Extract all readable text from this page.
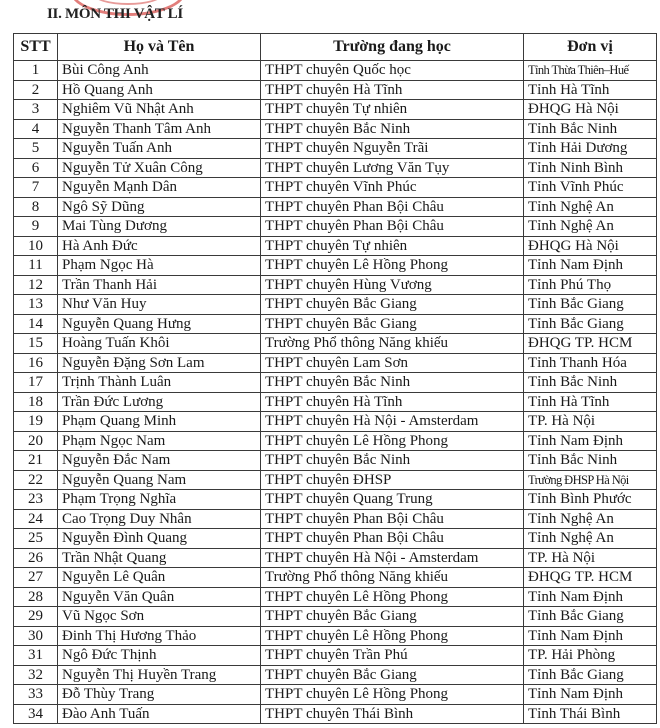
II. MÔN THI VẬT LÍ
STT	Họ và Tên	Trường đang học	Đơn vị
1	Bùi Công Anh	THPT chuyên Quốc học	Tỉnh Thừa Thiên–Huế
2	Hồ Quang Anh	THPT chuyên Hà Tĩnh	Tỉnh Hà Tĩnh
3	Nghiêm Vũ Nhật Anh	THPT chuyên Tự nhiên	ĐHQG Hà Nội
4	Nguyễn Thanh Tâm Anh	THPT chuyên Bắc Ninh	Tỉnh Bắc Ninh
5	Nguyễn Tuấn Anh	THPT chuyên Nguyễn Trãi	Tỉnh Hải Dương
6	Nguyễn Tử Xuân Công	THPT chuyên Lương Văn Tụy	Tỉnh Ninh Bình
7	Nguyễn Mạnh Dân	THPT chuyên Vĩnh Phúc	Tỉnh Vĩnh Phúc
8	Ngô Sỹ Dũng	THPT chuyên Phan Bội Châu	Tỉnh Nghệ An
9	Mai Tùng Dương	THPT chuyên Phan Bội Châu	Tỉnh Nghệ An
10	Hà Anh Đức	THPT chuyên Tự nhiên	ĐHQG Hà Nội
11	Phạm Ngọc Hà	THPT chuyên Lê Hồng Phong	Tỉnh Nam Định
12	Trần Thanh Hải	THPT chuyên Hùng Vương	Tỉnh Phú Thọ
13	Như Văn Huy	THPT chuyên Bắc Giang	Tỉnh Bắc Giang
14	Nguyễn Quang Hưng	THPT chuyên Bắc Giang	Tỉnh Bắc Giang
15	Hoàng Tuấn Khôi	Trường Phổ thông Năng khiếu	ĐHQG TP. HCM
16	Nguyễn Đặng Sơn Lam	THPT chuyên Lam Sơn	Tỉnh Thanh Hóa
17	Trịnh Thành Luân	THPT chuyên Bắc Ninh	Tỉnh Bắc Ninh
18	Trần Đức Lương	THPT chuyên Hà Tĩnh	Tỉnh Hà Tĩnh
19	Phạm Quang Minh	THPT chuyên Hà Nội - Amsterdam	TP. Hà Nội
20	Phạm Ngọc Nam	THPT chuyên Lê Hồng Phong	Tỉnh Nam Định
21	Nguyễn Đắc Nam	THPT chuyên Bắc Ninh	Tỉnh Bắc Ninh
22	Nguyễn Quang Nam	THPT chuyên ĐHSP	Trường ĐHSP Hà Nội
23	Phạm Trọng Nghĩa	THPT chuyên Quang Trung	Tỉnh Bình Phước
24	Cao Trọng Duy Nhân	THPT chuyên Phan Bội Châu	Tỉnh Nghệ An
25	Nguyễn Đình Quang	THPT chuyên Phan Bội Châu	Tỉnh Nghệ An
26	Trần Nhật Quang	THPT chuyên Hà Nội - Amsterdam	TP. Hà Nội
27	Nguyễn Lê Quân	Trường Phổ thông Năng khiếu	ĐHQG TP. HCM
28	Nguyễn Văn Quân	THPT chuyên Lê Hồng Phong	Tỉnh Nam Định
29	Vũ Ngọc Sơn	THPT chuyên Bắc Giang	Tỉnh Bắc Giang
30	Đinh Thị Hương Thảo	THPT chuyên Lê Hồng Phong	Tỉnh Nam Định
31	Ngô Đức Thịnh	THPT chuyên Trần Phú	TP. Hải Phòng
32	Nguyễn Thị Huyền Trang	THPT chuyên Bắc Giang	Tỉnh Bắc Giang
33	Đỗ Thùy Trang	THPT chuyên Lê Hồng Phong	Tỉnh Nam Định
34	Đào Anh Tuấn	THPT chuyên Thái Bình	Tỉnh Thái Bình
